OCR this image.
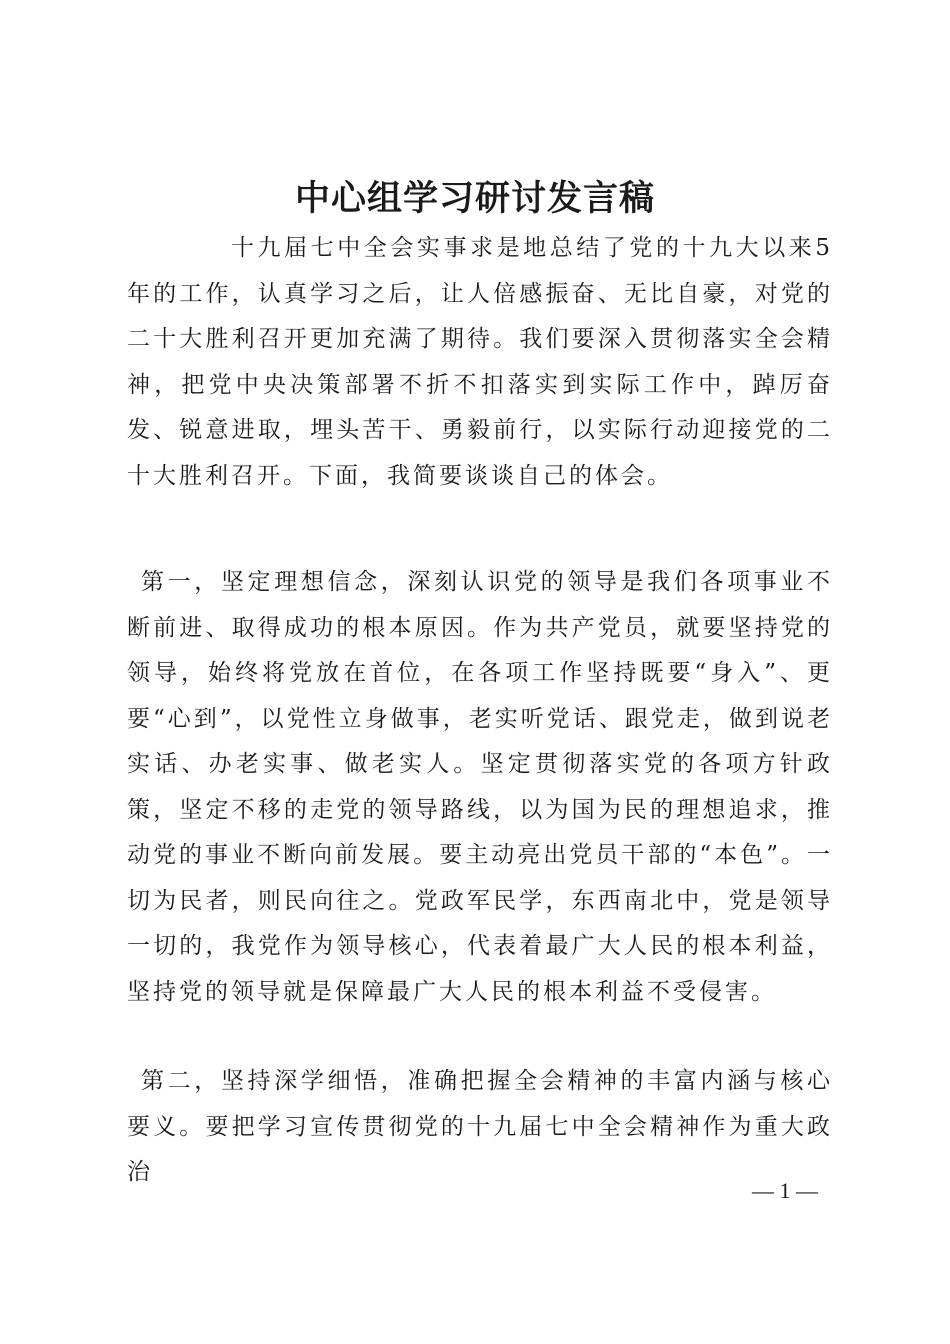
中心组学习研讨发言稿

十九届七中全会实事求是地总结了党的十九大以来5年的工作，认真学习之后，让人倍感振奋、无比自豪，对党的二十大胜利召开更加充满了期待。我们要深入贯彻落实全会精神，把党中央决策部署不折不扣落实到实际工作中，踔厉奋发、锐意进取，埋头苦干、勇毅前行，以实际行动迎接党的二十大胜利召开。下面，我简要谈谈自己的体会。

第一，坚定理想信念，深刻认识党的领导是我们各项事业不断前进、取得成功的根本原因。作为共产党员，就要坚持党的领导，始终将党放在首位，在各项工作坚持既要“身入”、更要“心到”，以党性立身做事，老实听党话、跟党走，做到说老实话、办老实事、做老实人。坚定贯彻落实党的各项方针政策，坚定不移的走党的领导路线，以为国为民的理想追求，推动党的事业不断向前发展。要主动亮出党员干部的“本色”。一切为民者，则民向往之。党政军民学，东西南北中，党是领导一切的，我党作为领导核心，代表着最广大人民的根本利益，坚持党的领导就是保障最广大人民的根本利益不受侵害。

第二，坚持深学细悟，准确把握全会精神的丰富内涵与核心要义。要把学习宣传贯彻党的十九届七中全会精神作为重大政治

— 1 —
